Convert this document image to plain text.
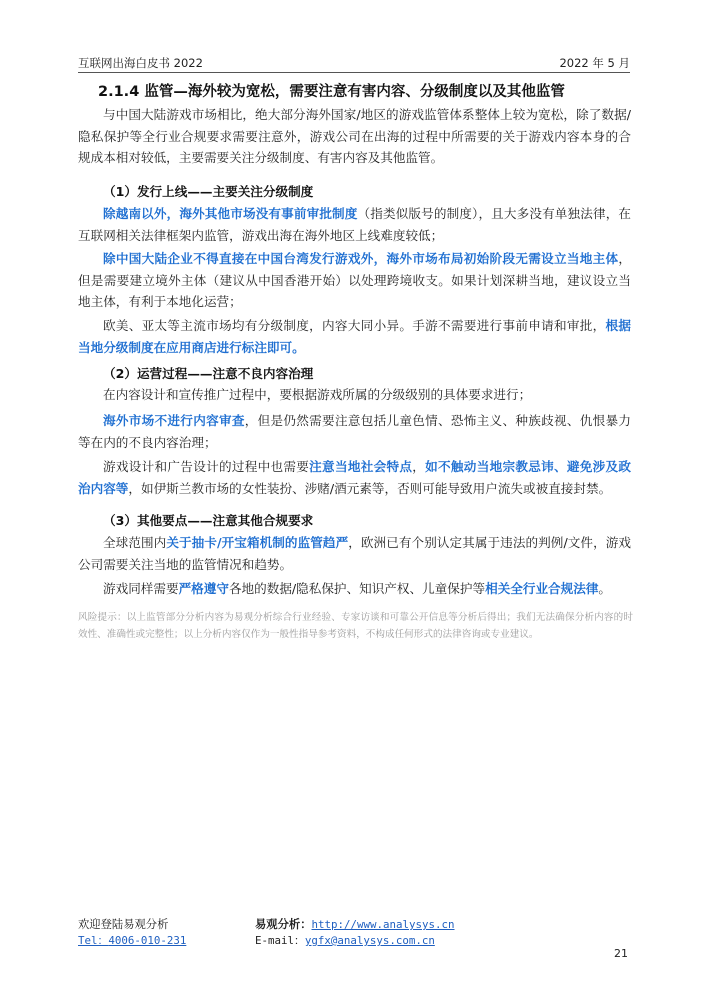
互联网出海白皮书 2022	2022 年 5 月
2.1.4 监管—海外较为宽松，需要注意有害内容、分级制度以及其他监管
与中国大陆游戏市场相比，绝大部分海外国家/地区的游戏监管体系整体上较为宽松，除了数据/隐私保护等全行业合规要求需要注意外，游戏公司在出海的过程中所需要的关于游戏内容本身的合规成本相对较低，主要需要关注分级制度、有害内容及其他监管。
（1）发行上线——主要关注分级制度
除越南以外，海外其他市场没有事前审批制度（指类似版号的制度），且大多没有单独法律，在互联网相关法律框架内监管，游戏出海在海外地区上线难度较低；
除中国大陆企业不得直接在中国台湾发行游戏外，海外市场布局初始阶段无需设立当地主体，但是需要建立境外主体（建议从中国香港开始）以处理跨境收支。如果计划深耕当地，建议设立当地主体，有利于本地化运营；
欧美、亚太等主流市场均有分级制度，内容大同小异。手游不需要进行事前申请和审批，根据当地分级制度在应用商店进行标注即可。
（2）运营过程——注意不良内容治理
在内容设计和宣传推广过程中，要根据游戏所属的分级级别的具体要求进行；
海外市场不进行内容审查，但是仍然需要注意包括儿童色情、恐怖主义、种族歧视、仇恨暴力等在内的不良内容治理；
游戏设计和广告设计的过程中也需要注意当地社会特点，如不触动当地宗教忌讳、避免涉及政治内容等，如伊斯兰教市场的女性装扮、涉赌/酒元素等，否则可能导致用户流失或被直接封禁。
（3）其他要点——注意其他合规要求
全球范围内关于抽卡/开宝箱机制的监管趋严，欧洲已有个别认定其属于违法的判例/文件，游戏公司需要关注当地的监管情况和趋势。
游戏同样需要严格遵守各地的数据/隐私保护、知识产权、儿童保护等相关全行业合规法律。
风险提示：以上监管部分分析内容为易观分析综合行业经验、专家访谈和可靠公开信息等分析后得出；我们无法确保分析内容的时效性、准确性或完整性；以上分析内容仅作为一般性指导参考资料，不构成任何形式的法律咨询或专业建议。
欢迎登陆易观分析
Tel：4006-010-231
易观分析：http://www.analysys.cn
E-mail：ygfx@analysys.com.cn
21
